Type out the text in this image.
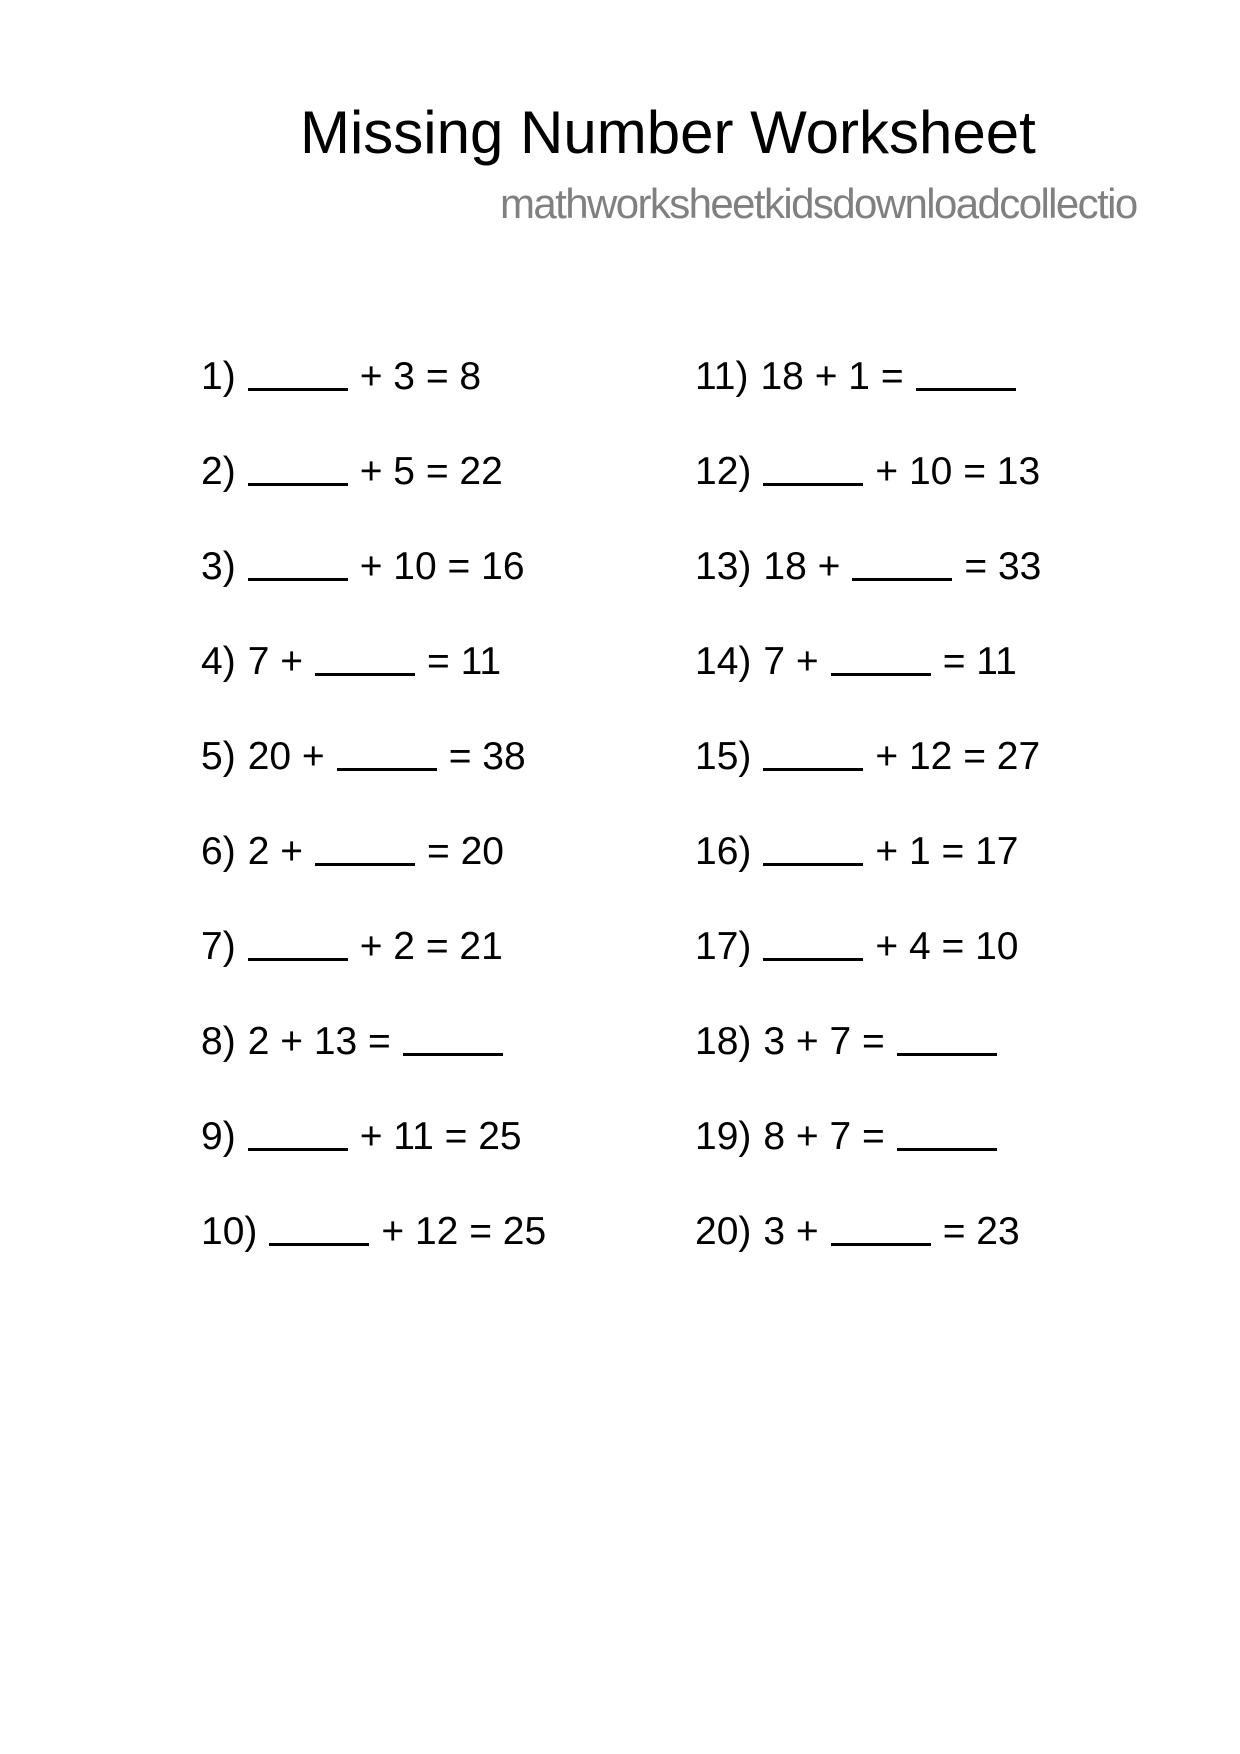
Missing Number Worksheet
mathworksheetkidsdownloadcollectio
1)	+ 3 = 8
2)	+ 5 = 22
3)	+ 10 = 16
4) 7 +	= 11
5) 20 +	= 38
6) 2 +	= 20
7)	+ 2 = 21
8) 2 + 13 =
9)	+ 11 = 25
10)	+ 12 = 25
11) 18 + 1 =
12)	+ 10 = 13
13) 18 +	= 33
14) 7 +	= 11
15)	+ 12 = 27
16)	+ 1 = 17
17)	+ 4 = 10
18) 3 + 7 =
19) 8 + 7 =
20) 3 +	= 23
